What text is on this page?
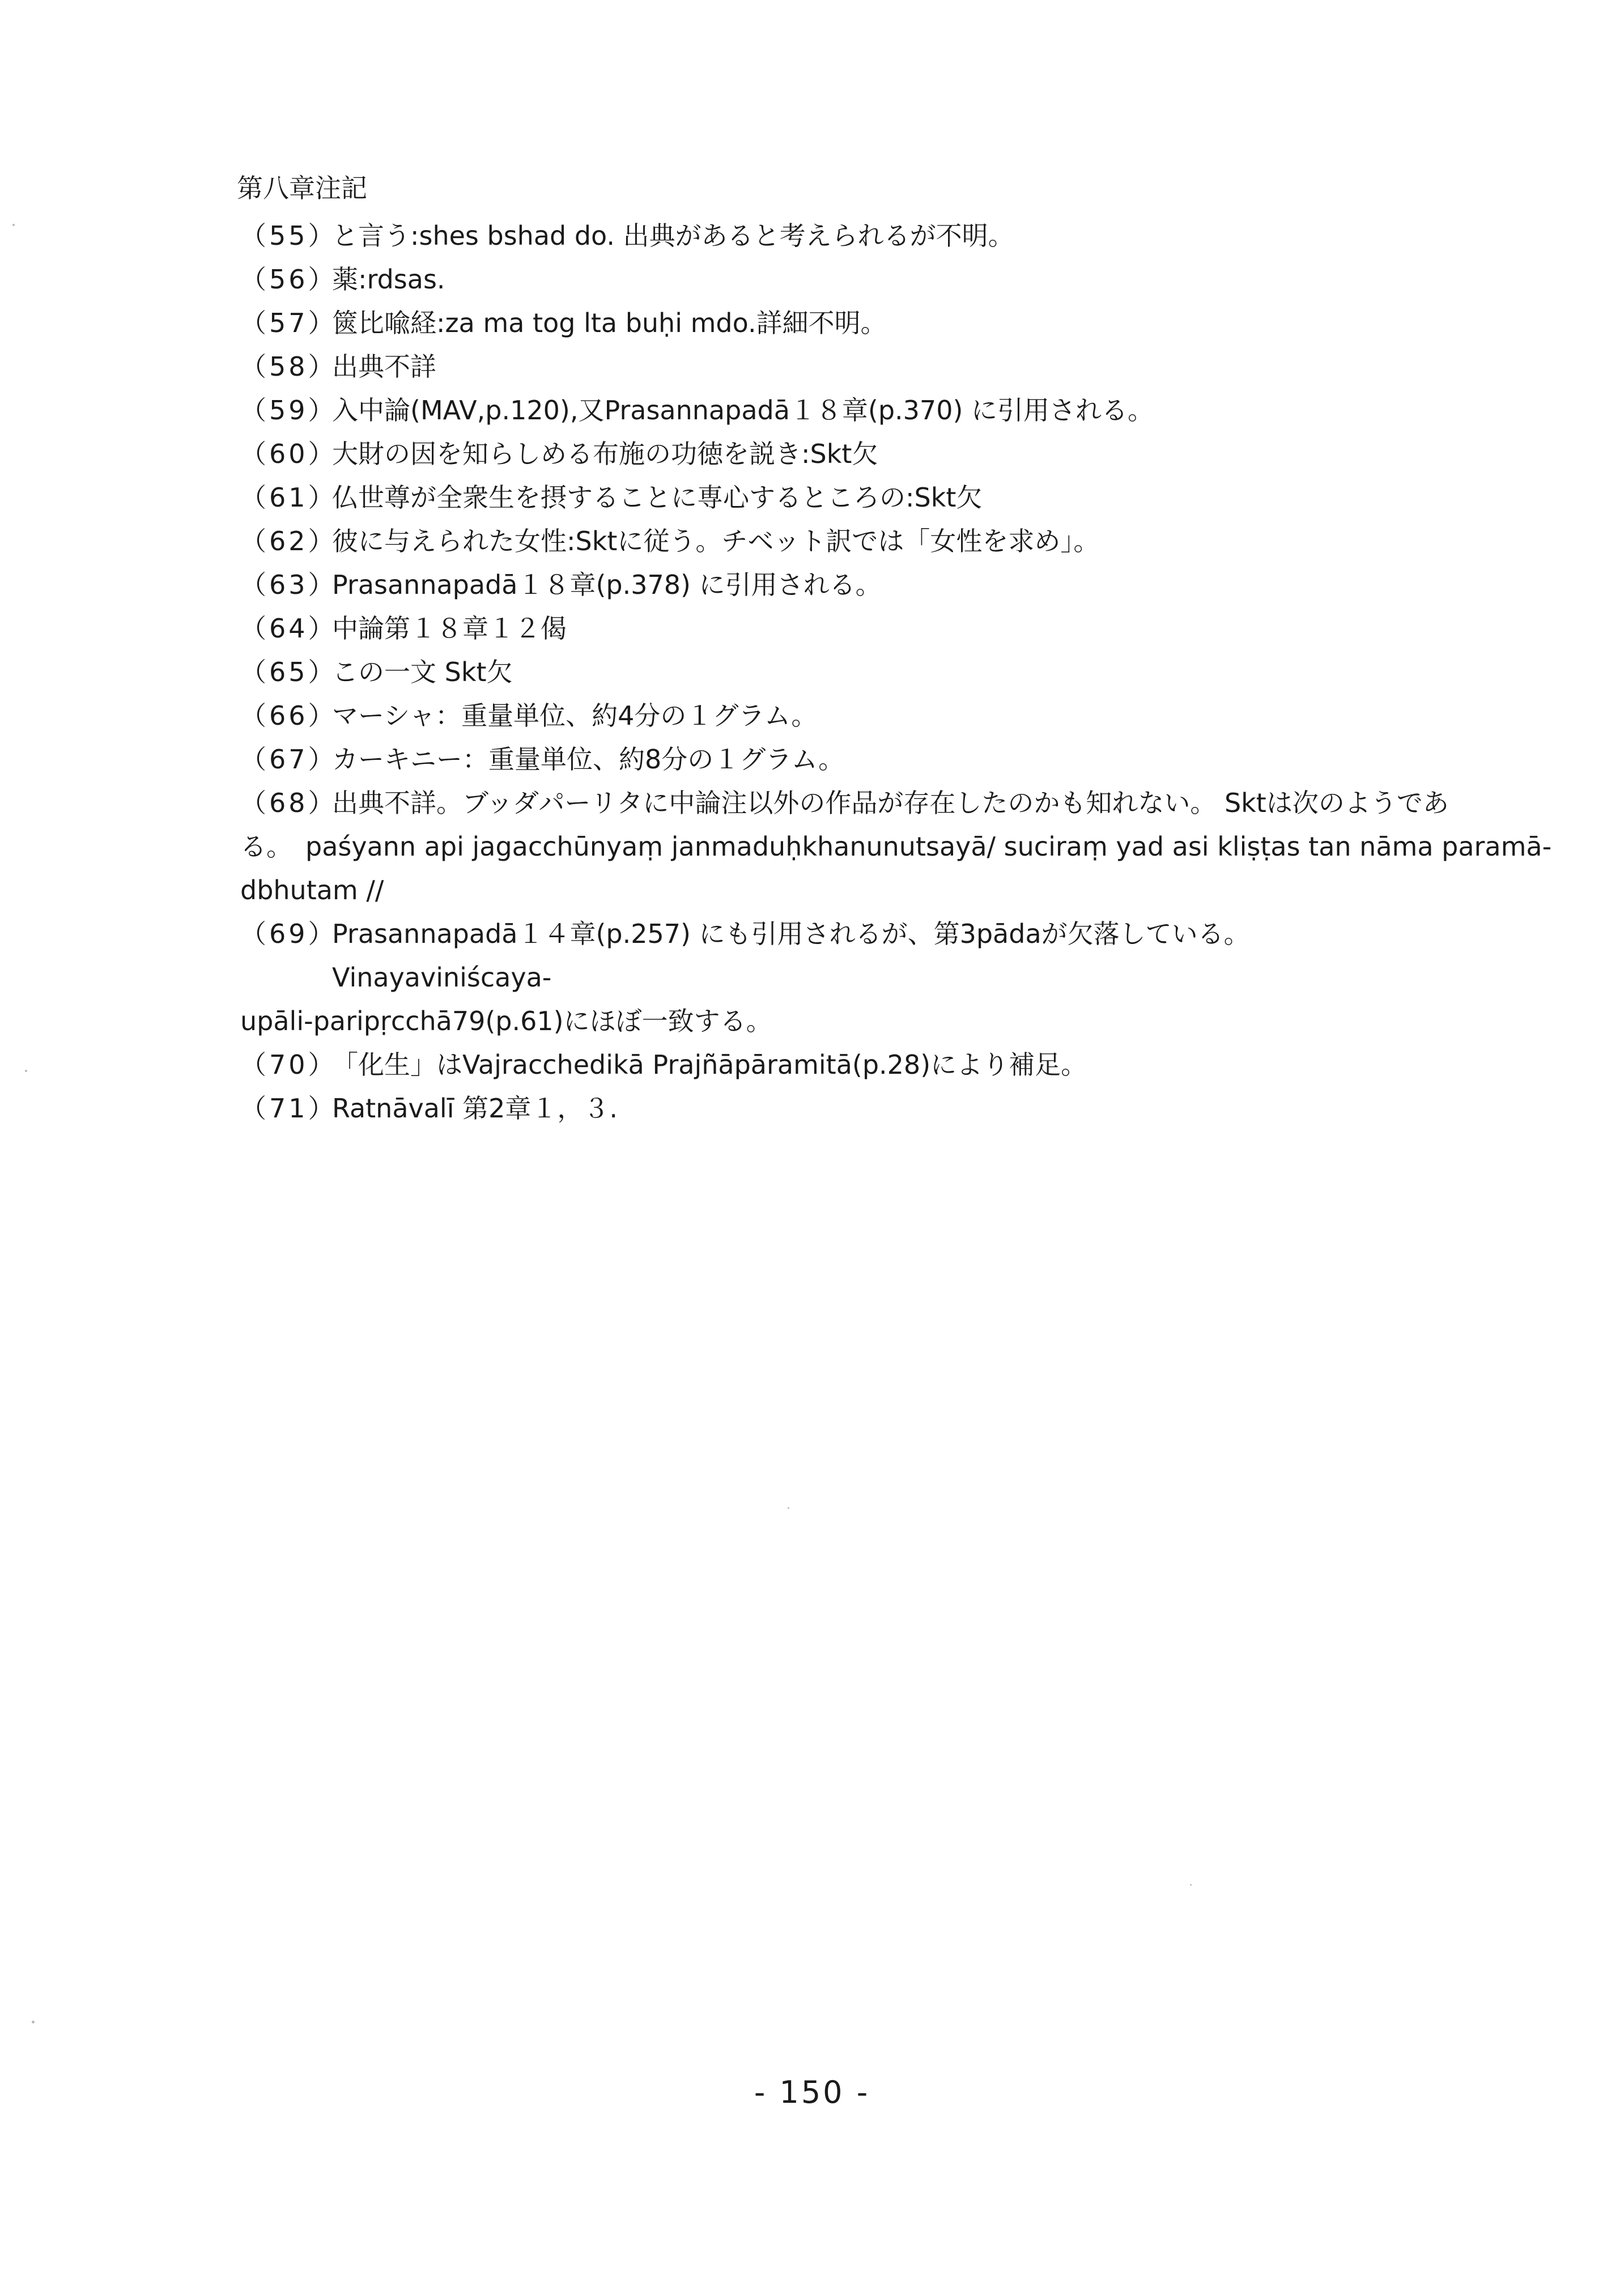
第八章注記
（55）
と言う:shes bshad do. 出典があると考えられるが不明。
（56）
薬:rdsas.
（57）
篋比喩経:za ma tog lta buḥi mdo.詳細不明。
（58）
出典不詳
（59）
入中論(MAV,p.120),又Prasannapadā１８章(p.370) に引用される。
（60）
大財の因を知らしめる布施の功徳を説き:Skt欠
（61）
仏世尊が全衆生を摂することに専心するところの:Skt欠
（62）
彼に与えられた女性:Sktに従う。チベット訳では「女性を求め」。
（63）
Prasannapadā１８章(p.378) に引用される。
（64）
中論第１８章１２偈
（65）
この一文 Skt欠
（66）
マーシャ：重量単位、約4分の１グラム。
（67）
カーキニー：重量単位、約8分の１グラム。
（68）
出典不詳。ブッダパーリタに中論注以外の作品が存在したのかも知れない。 Sktは次のようであ
る。　paśyann api jagacchūnyaṃ janmaduḥkhanunutsayā/ suciraṃ yad asi kliṣṭas tan nāma paramā-
dbhutam //
（69）
Prasannapadā１４章(p.257) にも引用されるが、第3pādaが欠落している。 Vinayaviniścaya-
upāli-paripṛcchā79(p.61)にほぼ一致する。
（70）
「化生」はVajracchedikā Prajñāpāramitā(p.28)により補足。
（71）
Ratnāvalī 第2章１，３.
- 150 -
